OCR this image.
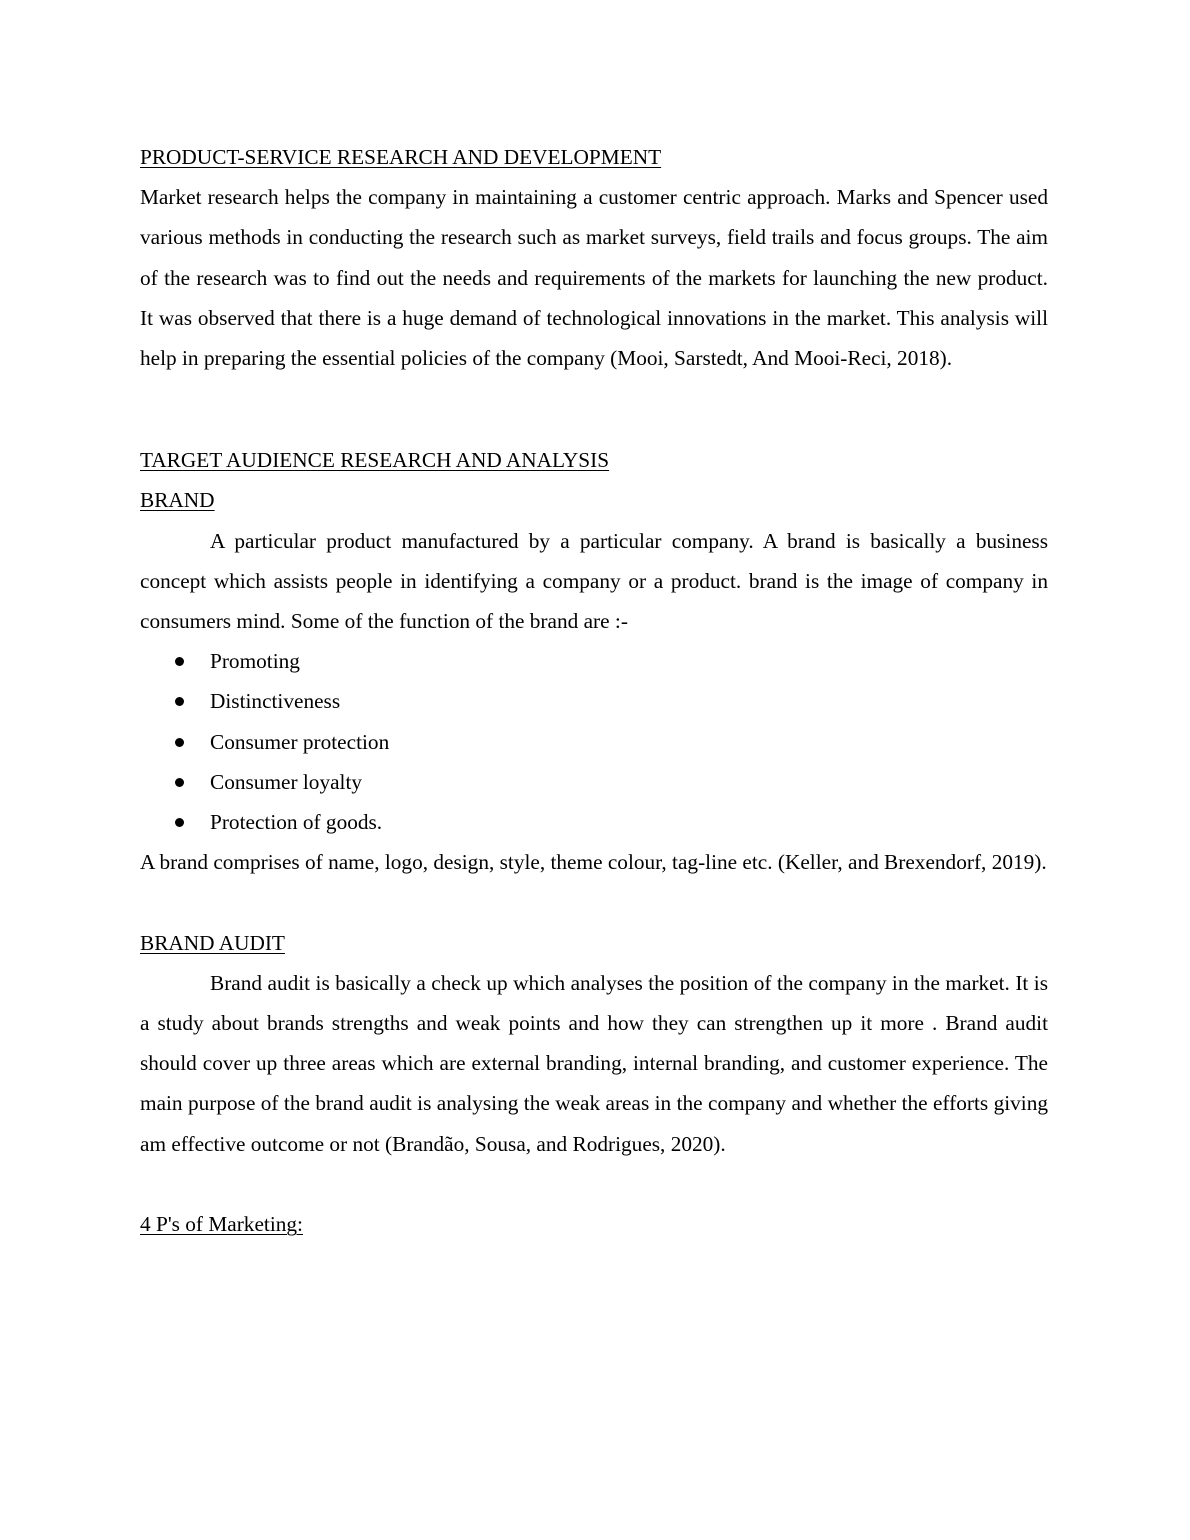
PRODUCT-SERVICE RESEARCH AND DEVELOPMENT

Market research helps the company in maintaining a customer centric approach. Marks and Spencer used various methods in conducting the research such as market surveys, field trails and focus groups. The aim of the research was to find out the needs and requirements of the markets for launching the new product. It was observed that there is a huge demand of technological innovations in the market. This analysis will help in preparing the essential policies of the company (Mooi, Sarstedt, And Mooi-Reci, 2018).

TARGET AUDIENCE RESEARCH AND ANALYSIS

BRAND

A particular product manufactured by a particular company. A brand is basically a business concept which assists people in identifying a company or a product. brand is the image of company in consumers mind. Some of the function of the brand are :-

Promoting
Distinctiveness
Consumer protection
Consumer loyalty
Protection of goods.

A brand comprises of name, logo, design, style, theme colour, tag-line etc. (Keller, and Brexendorf, 2019).

BRAND AUDIT

Brand audit is basically a check up which analyses the position of the company in the market. It is a study about brands strengths and weak points and how they can strengthen up it more . Brand audit should cover up three areas which are external branding, internal branding, and customer experience. The main purpose of the brand audit is analysing the weak areas in the company and whether the efforts giving am effective outcome or not (Brandão, Sousa, and Rodrigues, 2020).

4 P's of Marketing:
